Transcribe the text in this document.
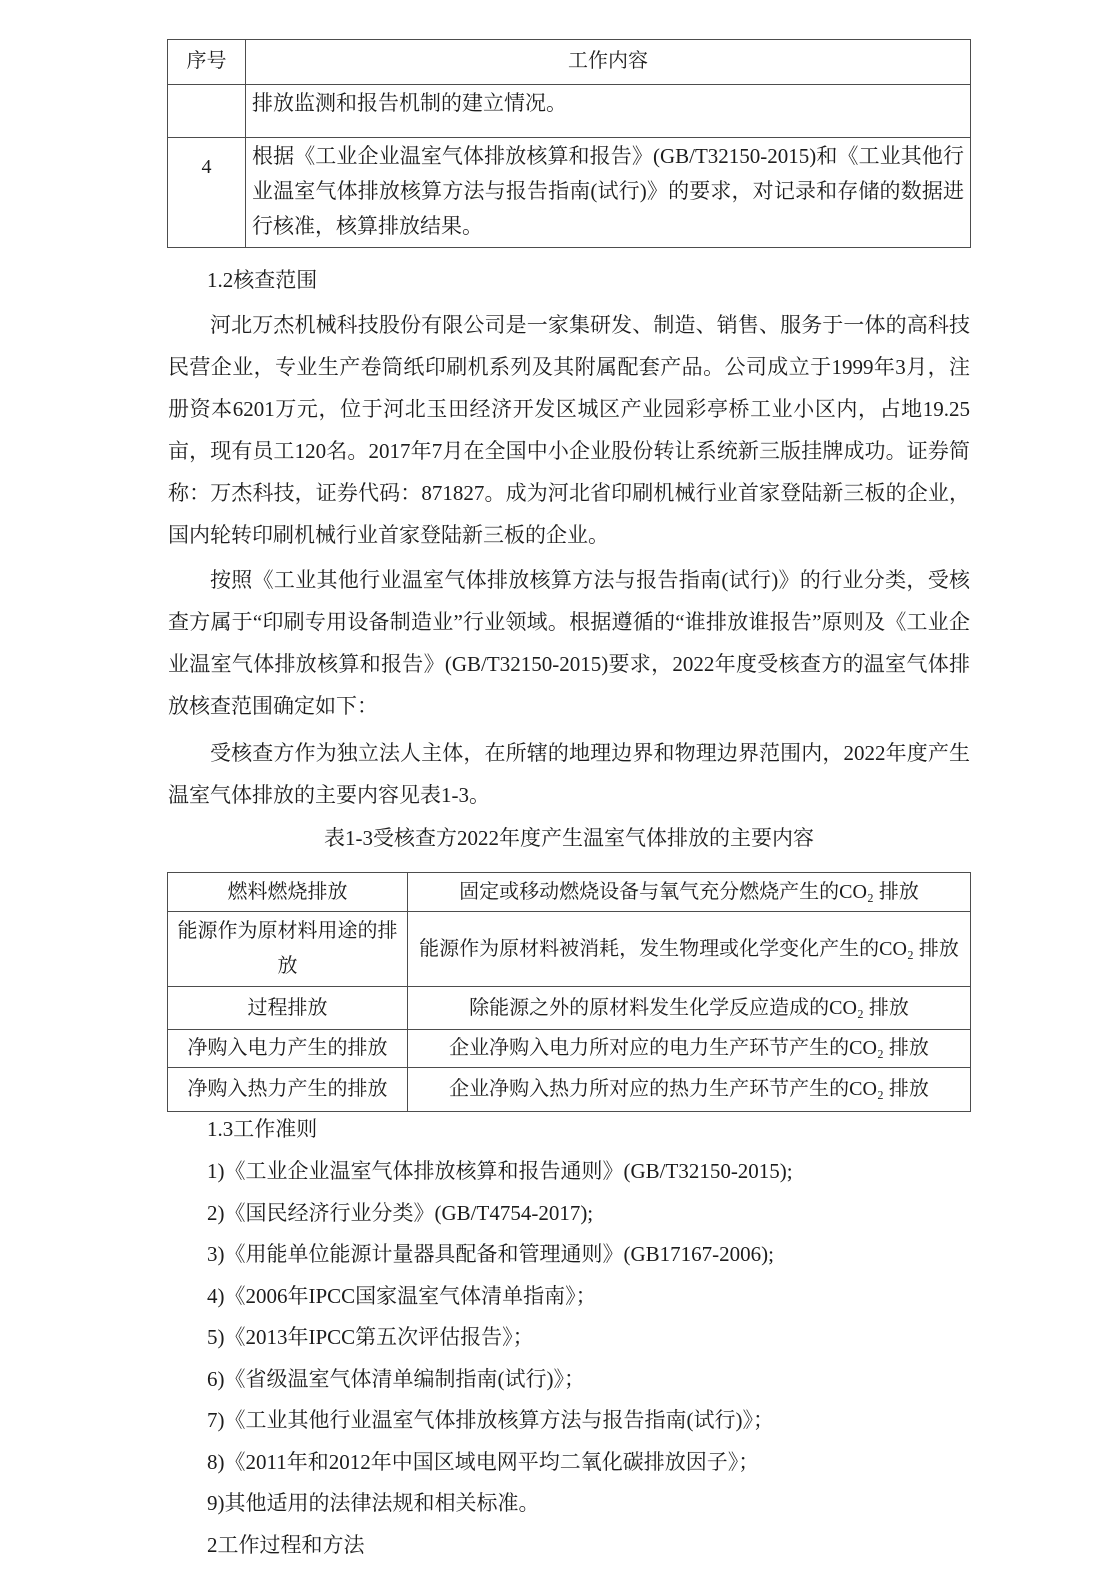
序号	工作内容
	排放监测和报告机制的建立情况。
4	根据《工业企业温室气体排放核算和报告》(GB/T32150-2015)和《工业其他行业温室气体排放核算方法与报告指南(试行)》的要求，对记录和存储的数据进行核准，核算排放结果。
1.2核查范围
河北万杰机械科技股份有限公司是一家集研发、制造、销售、服务于一体的高科技民营企业，专业生产卷筒纸印刷机系列及其附属配套产品。公司成立于1999年3月，注册资本6201万元，位于河北玉田经济开发区城区产业园彩亭桥工业小区内，占地19.25亩，现有员工120名。2017年7月在全国中小企业股份转让系统新三版挂牌成功。证券简称：万杰科技，证券代码：871827。成为河北省印刷机械行业首家登陆新三板的企业，国内轮转印刷机械行业首家登陆新三板的企业。
按照《工业其他行业温室气体排放核算方法与报告指南(试行)》的行业分类，受核查方属于“印刷专用设备制造业”行业领域。根据遵循的“谁排放谁报告”原则及《工业企业温室气体排放核算和报告》(GB/T32150-2015)要求，2022年度受核查方的温室气体排放核查范围确定如下：
受核查方作为独立法人主体，在所辖的地理边界和物理边界范围内，2022年度产生温室气体排放的主要内容见表1-3。
表1-3受核查方2022年度产生温室气体排放的主要内容
燃料燃烧排放	固定或移动燃烧设备与氧气充分燃烧产生的CO₂ 排放
能源作为原材料用途的排放	能源作为原材料被消耗，发生物理或化学变化产生的CO₂ 排放
过程排放	除能源之外的原材料发生化学反应造成的CO₂ 排放
净购入电力产生的排放	企业净购入电力所对应的电力生产环节产生的CO₂ 排放
净购入热力产生的排放	企业净购入热力所对应的热力生产环节产生的CO₂ 排放
1.3工作准则
1)《工业企业温室气体排放核算和报告通则》(GB/T32150-2015);
2)《国民经济行业分类》(GB/T4754-2017);
3)《用能单位能源计量器具配备和管理通则》(GB17167-2006);
4)《2006年IPCC国家温室气体清单指南》；
5)《2013年IPCC第五次评估报告》；
6)《省级温室气体清单编制指南(试行)》；
7)《工业其他行业温室气体排放核算方法与报告指南(试行)》；
8)《2011年和2012年中国区域电网平均二氧化碳排放因子》；
9)其他适用的法律法规和相关标准。
2工作过程和方法
